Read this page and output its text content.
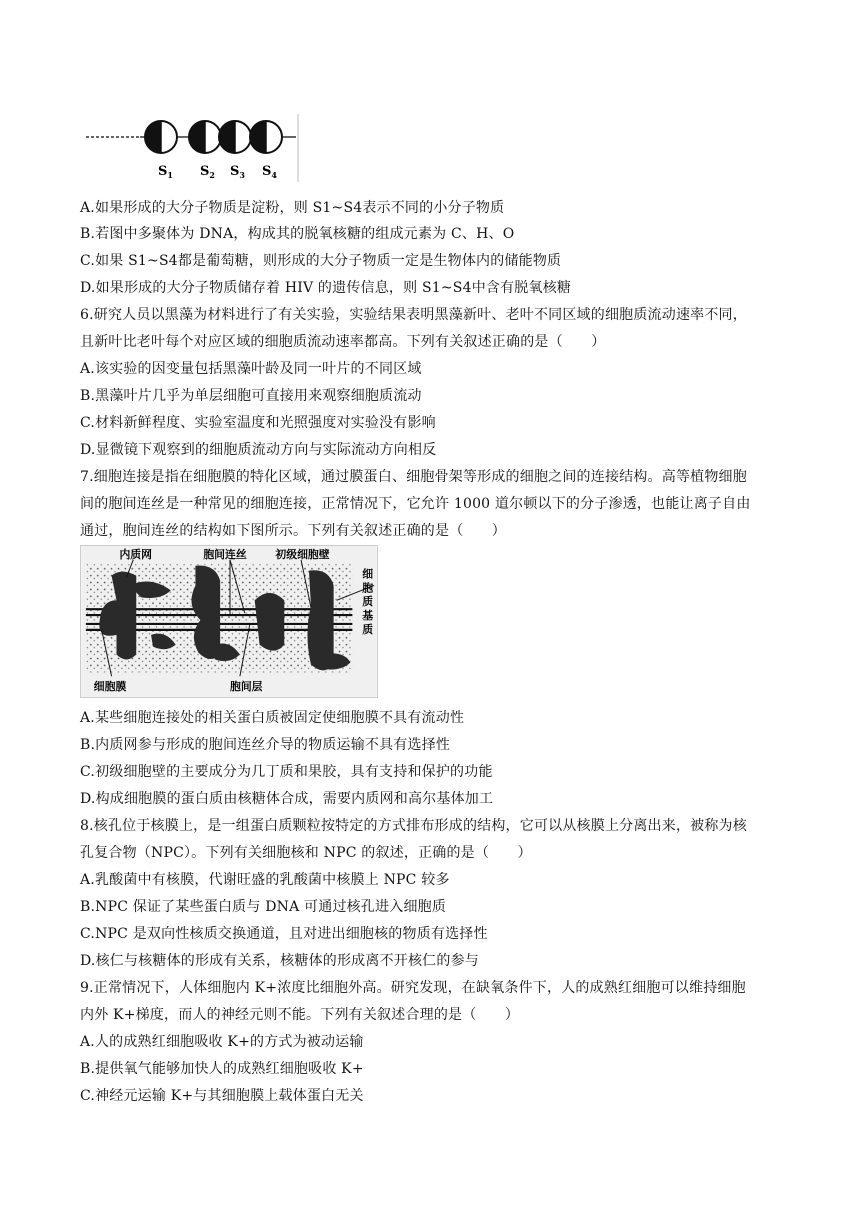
$S_1$ $S_2$ $S_3$ $S_4$
A.如果形成的大分子物质是淀粉，则 S1~S4表示不同的小分子物质
B.若图中多聚体为 DNA，构成其的脱氧核糖的组成元素为 C、H、O
C.如果 S1~S4都是葡萄糖，则形成的大分子物质一定是生物体内的储能物质
D.如果形成的大分子物质储存着 HIV 的遗传信息，则 S1~S4中含有脱氧核糖
6.研究人员以黑藻为材料进行了有关实验，实验结果表明黑藻新叶、老叶不同区域的细胞质流动速率不同，
且新叶比老叶每个对应区域的细胞质流动速率都高。下列有关叙述正确的是（　　）
A.该实验的因变量包括黑藻叶龄及同一叶片的不同区域
B.黑藻叶片几乎为单层细胞可直接用来观察细胞质流动
C.材料新鲜程度、实验室温度和光照强度对实验没有影响
D.显微镜下观察到的细胞质流动方向与实际流动方向相反
7.细胞连接是指在细胞膜的特化区域，通过膜蛋白、细胞骨架等形成的细胞之间的连接结构。高等植物细胞
间的胞间连丝是一种常见的细胞连接，正常情况下，它允许 1000 道尔顿以下的分子渗透，也能让离子自由
通过，胞间连丝的结构如下图所示。下列有关叙述正确的是（　　）
内质网	胞间连丝	初级细胞壁
细胞膜	胞间层
细胞质基质
A.某些细胞连接处的相关蛋白质被固定使细胞膜不具有流动性
B.内质网参与形成的胞间连丝介导的物质运输不具有选择性
C.初级细胞壁的主要成分为几丁质和果胶，具有支持和保护的功能
D.构成细胞膜的蛋白质由核糖体合成，需要内质网和高尔基体加工
8.核孔位于核膜上，是一组蛋白质颗粒按特定的方式排布形成的结构，它可以从核膜上分离出来，被称为核
孔复合物（NPC）。下列有关细胞核和 NPC 的叙述，正确的是（　　）
A.乳酸菌中有核膜，代谢旺盛的乳酸菌中核膜上 NPC 较多
B.NPC 保证了某些蛋白质与 DNA 可通过核孔进入细胞质
C.NPC 是双向性核质交换通道，且对进出细胞核的物质有选择性
D.核仁与核糖体的形成有关系，核糖体的形成离不开核仁的参与
9.正常情况下，人体细胞内 K+浓度比细胞外高。研究发现，在缺氧条件下，人的成熟红细胞可以维持细胞
内外 K+梯度，而人的神经元则不能。下列有关叙述合理的是（　　）
A.人的成熟红细胞吸收 K+的方式为被动运输
B.提供氧气能够加快人的成熟红细胞吸收 K+
C.神经元运输 K+与其细胞膜上载体蛋白无关
